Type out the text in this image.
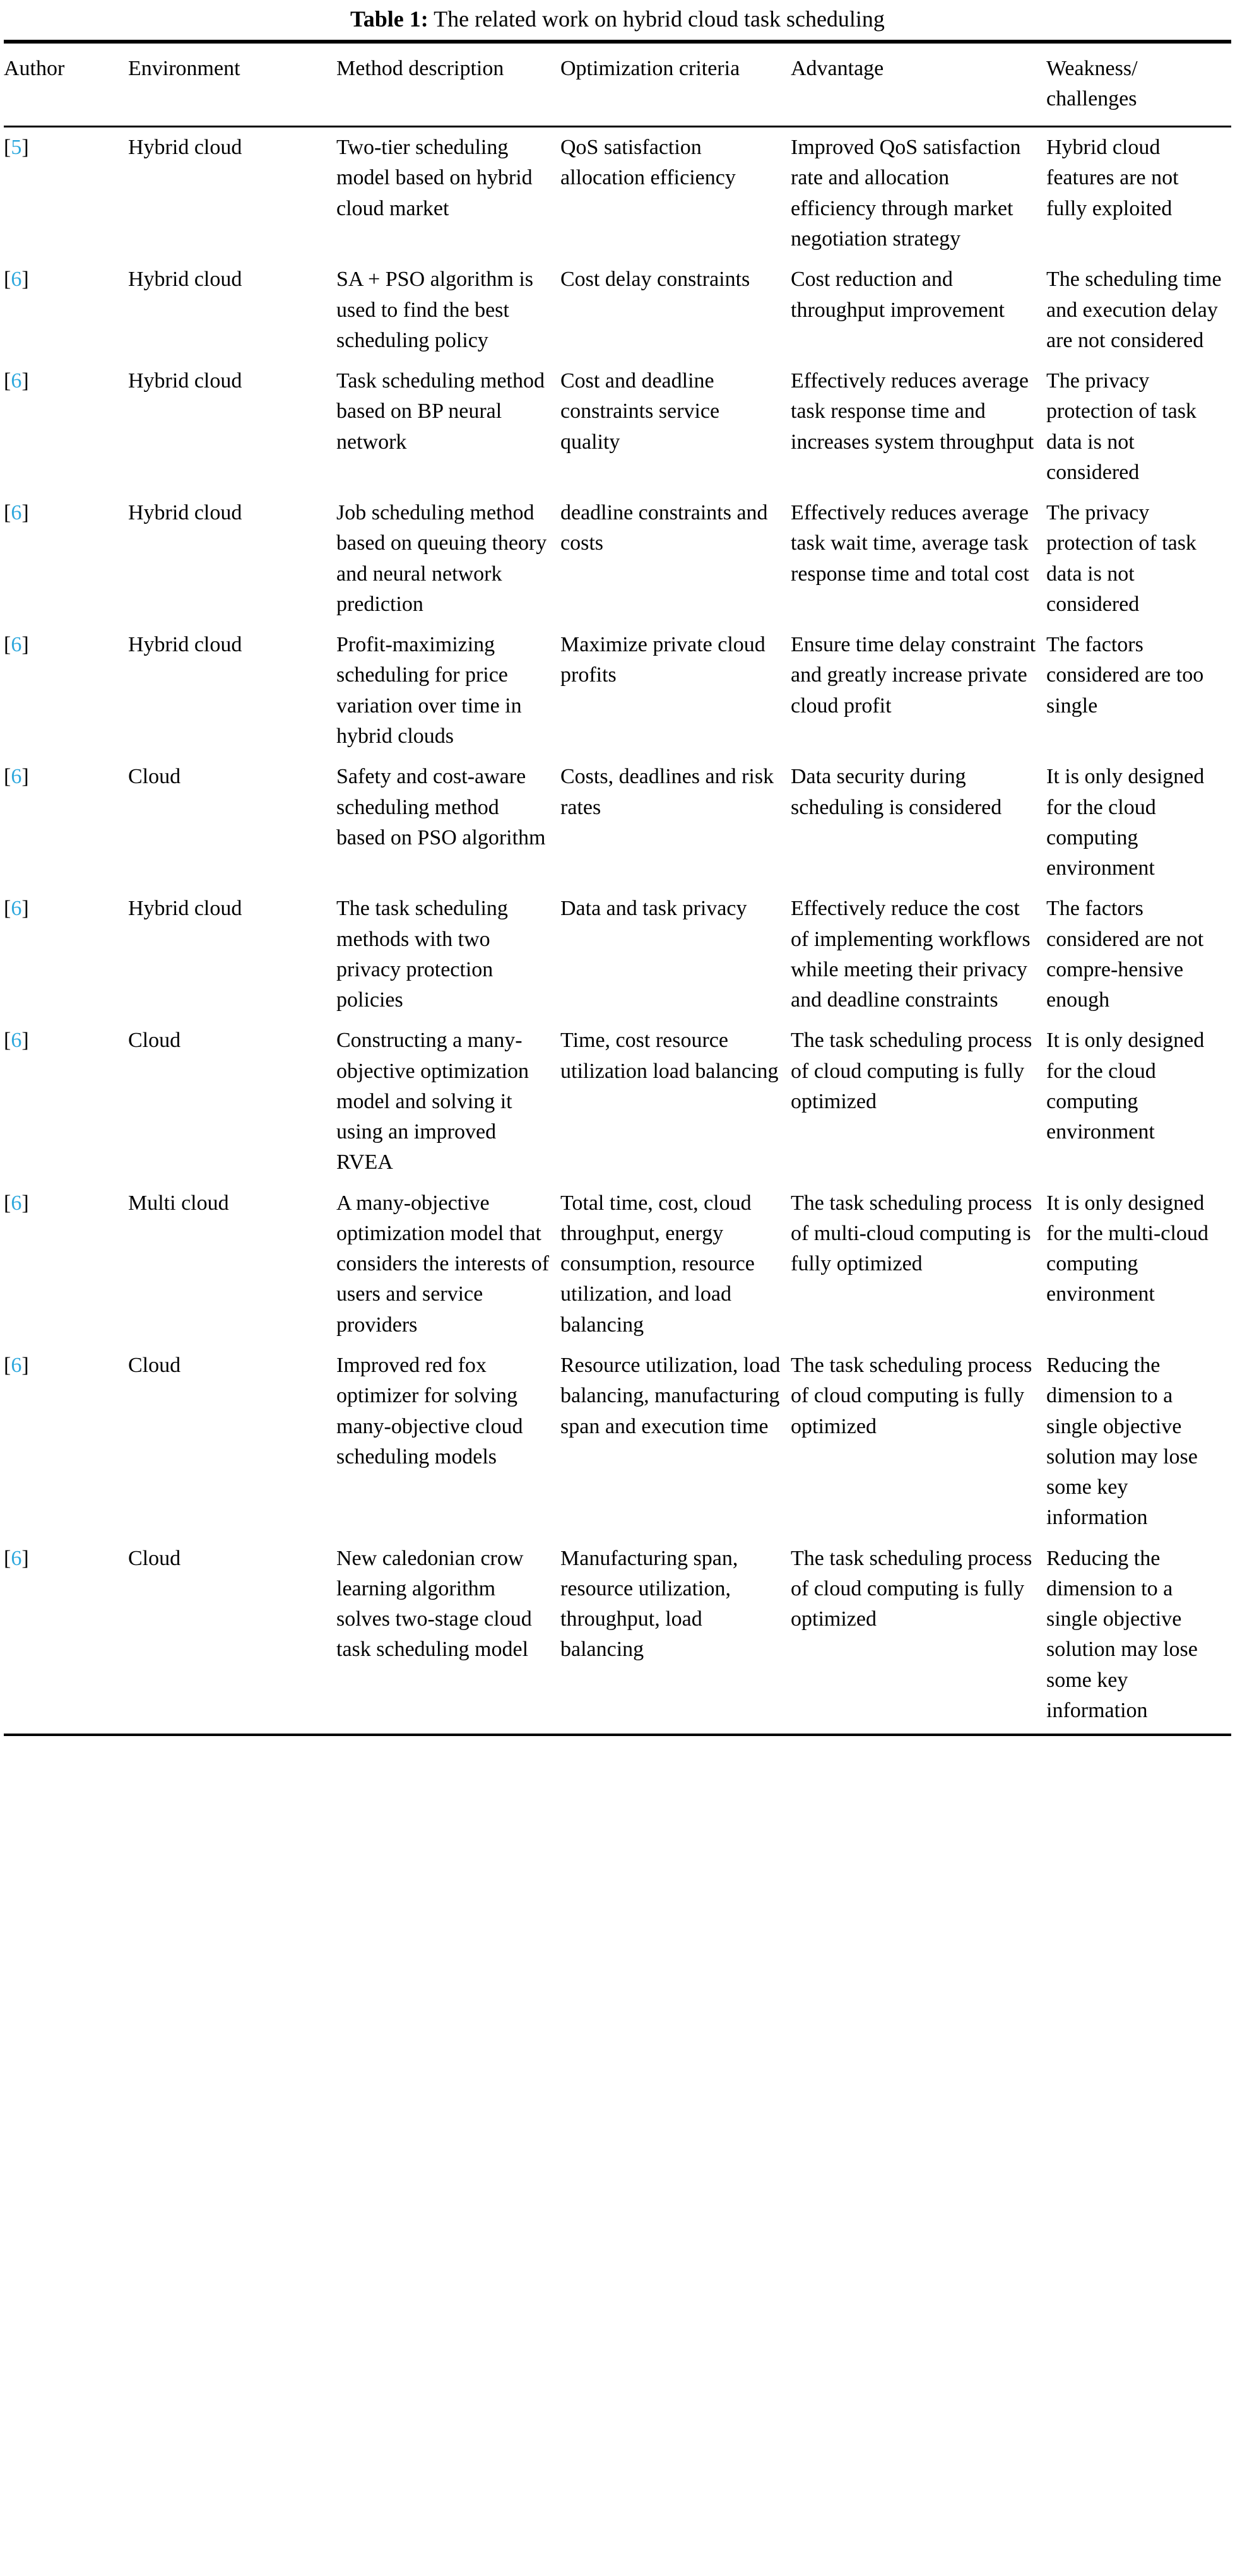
Table 1: The related work on hybrid cloud task scheduling

Author	Environment	Method description	Optimization criteria	Advantage	Weakness/ challenges

[5]	Hybrid cloud	Two-tier scheduling model based on hybrid cloud market	QoS satisfaction allocation efficiency	Improved QoS satisfaction rate and allocation efficiency through market negotiation strategy	Hybrid cloud features are not fully exploited
[6]	Hybrid cloud	SA + PSO algorithm is used to find the best scheduling policy	Cost delay constraints	Cost reduction and throughput improvement	The scheduling time and execution delay are not considered
[6]	Hybrid cloud	Task scheduling method based on BP neural network	Cost and deadline constraints service quality	Effectively reduces average task response time and increases system throughput	The privacy protection of task data is not considered
[6]	Hybrid cloud	Job scheduling method based on queuing theory and neural network prediction	deadline constraints and costs	Effectively reduces average task wait time, average task response time and total cost	The privacy protection of task data is not considered
[6]	Hybrid cloud	Profit-maximizing scheduling for price variation over time in hybrid clouds	Maximize private cloud profits	Ensure time delay constraint and greatly increase private cloud profit	The factors considered are too single
[6]	Cloud	Safety and cost-aware scheduling method based on PSO algorithm	Costs, deadlines and risk rates	Data security during scheduling is considered	It is only designed for the cloud computing environment
[6]	Hybrid cloud	The task scheduling methods with two privacy protection policies	Data and task privacy	Effectively reduce the cost of implementing workflows while meeting their privacy and deadline constraints	The factors considered are not compre-hensive enough
[6]	Cloud	Constructing a many-objective optimization model and solving it using an improved RVEA	Time, cost resource utilization load balancing	The task scheduling process of cloud computing is fully optimized	It is only designed for the cloud computing environment
[6]	Multi cloud	A many-objective optimization model that considers the interests of users and service providers	Total time, cost, cloud throughput, energy consumption, resource utilization, and load balancing	The task scheduling process of multi-cloud computing is fully optimized	It is only designed for the multi-cloud computing environment
[6]	Cloud	Improved red fox optimizer for solving many-objective cloud scheduling models	Resource utilization, load balancing, manufacturing span and execution time	The task scheduling process of cloud computing is fully optimized	Reducing the dimension to a single objective solution may lose some key information
[6]	Cloud	New caledonian crow learning algorithm solves two-stage cloud task scheduling model	Manufacturing span, resource utilization, throughput, load balancing	The task scheduling process of cloud computing is fully optimized	Reducing the dimension to a single objective solution may lose some key information
